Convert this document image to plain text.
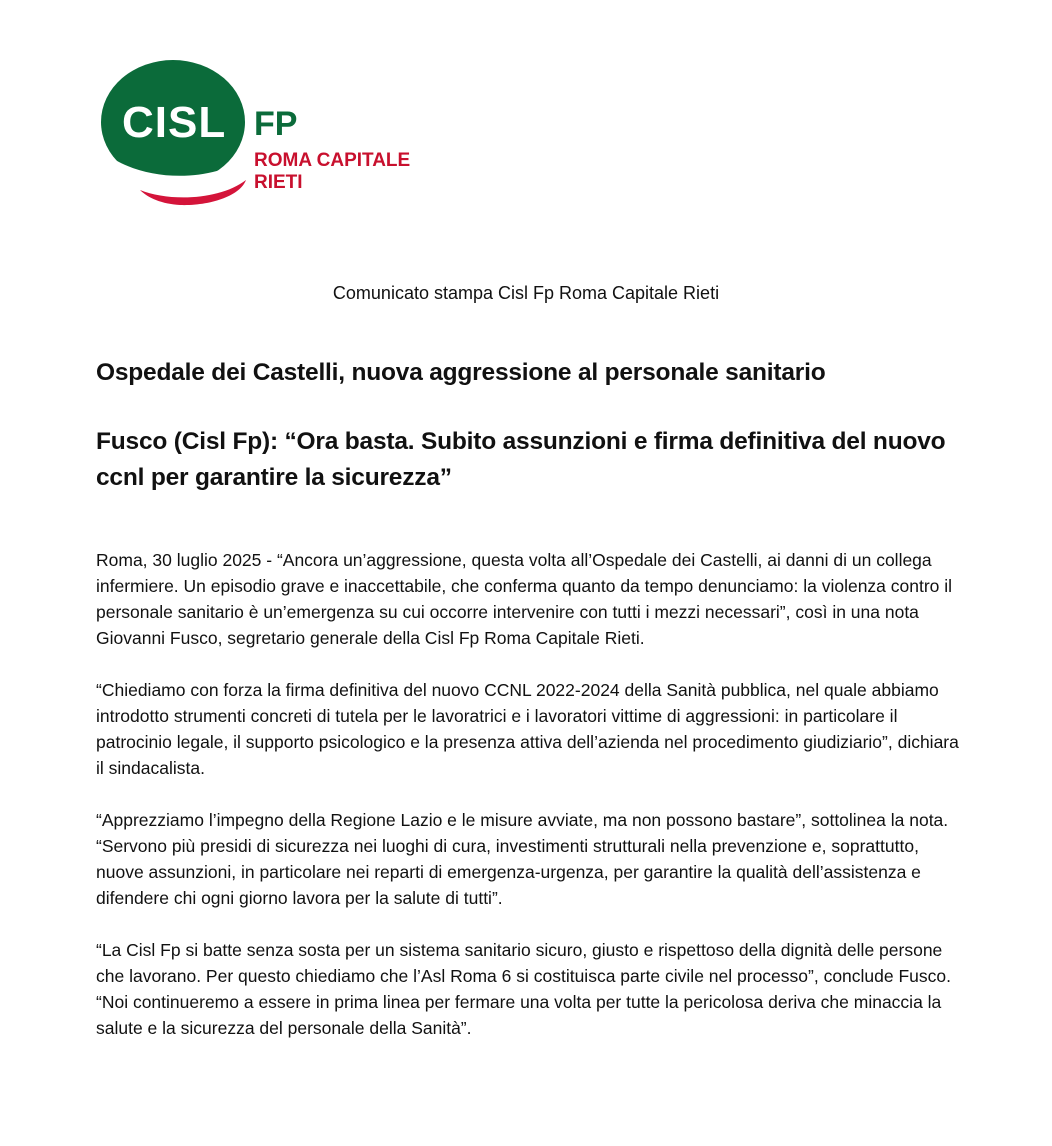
CISL FP
ROMA CAPITALE
RIETI
Comunicato stampa Cisl Fp Roma Capitale Rieti
Ospedale dei Castelli, nuova aggressione al personale sanitario
Fusco (Cisl Fp): “Ora basta. Subito assunzioni e firma definitiva del nuovo ccnl per garantire la sicurezza”

Roma, 30 luglio 2025 - “Ancora un’aggressione, questa volta all’Ospedale dei Castelli, ai danni di un collega infermiere. Un episodio grave e inaccettabile, che conferma quanto da tempo denunciamo: la violenza contro il personale sanitario è un’emergenza su cui occorre intervenire con tutti i mezzi necessari”, così in una nota Giovanni Fusco, segretario generale della Cisl Fp Roma Capitale Rieti.

“Chiediamo con forza la firma definitiva del nuovo CCNL 2022-2024 della Sanità pubblica, nel quale abbiamo introdotto strumenti concreti di tutela per le lavoratrici e i lavoratori vittime di aggressioni: in particolare il patrocinio legale, il supporto psicologico e la presenza attiva dell’azienda nel procedimento giudiziario”, dichiara il sindacalista.

“Apprezziamo l’impegno della Regione Lazio e le misure avviate, ma non possono bastare”, sottolinea la nota. “Servono più presidi di sicurezza nei luoghi di cura, investimenti strutturali nella prevenzione e, soprattutto, nuove assunzioni, in particolare nei reparti di emergenza-urgenza, per garantire la qualità dell’assistenza e difendere chi ogni giorno lavora per la salute di tutti”.

“La Cisl Fp si batte senza sosta per un sistema sanitario sicuro, giusto e rispettoso della dignità delle persone che lavorano. Per questo chiediamo che l’Asl Roma 6 si costituisca parte civile nel processo”, conclude Fusco. “Noi continueremo a essere in prima linea per fermare una volta per tutte la pericolosa deriva che minaccia la salute e la sicurezza del personale della Sanità”.
